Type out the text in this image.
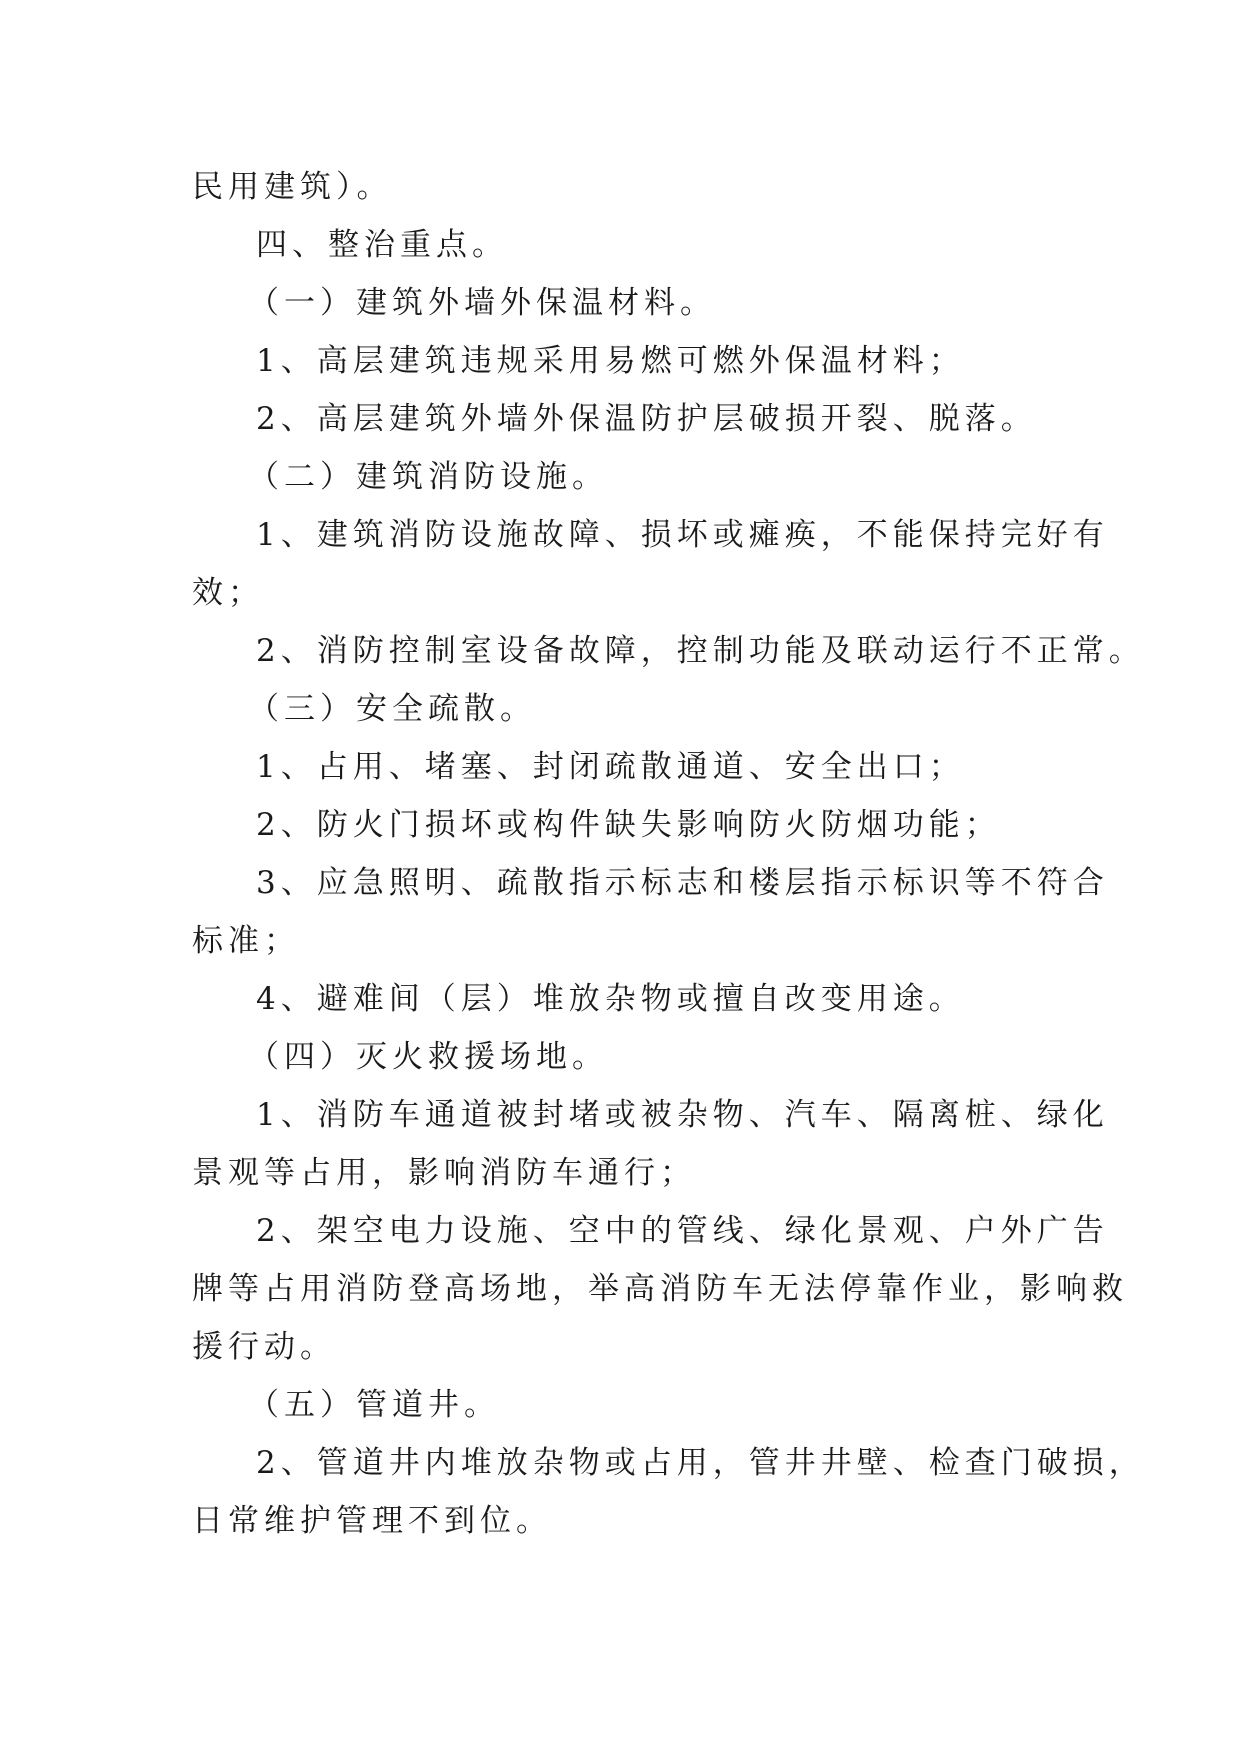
民用建筑）。
四、整治重点。
（一）建筑外墙外保温材料。
1、高层建筑违规采用易燃可燃外保温材料；
2、高层建筑外墙外保温防护层破损开裂、脱落。
（二）建筑消防设施。
1、建筑消防设施故障、损坏或瘫痪，不能保持完好有
效；
2、消防控制室设备故障，控制功能及联动运行不正常。
（三）安全疏散。
1、占用、堵塞、封闭疏散通道、安全出口；
2、防火门损坏或构件缺失影响防火防烟功能；
3、应急照明、疏散指示标志和楼层指示标识等不符合
标准；
4、避难间（层）堆放杂物或擅自改变用途。
（四）灭火救援场地。
1、消防车通道被封堵或被杂物、汽车、隔离桩、绿化
景观等占用，影响消防车通行；
2、架空电力设施、空中的管线、绿化景观、户外广告
牌等占用消防登高场地，举高消防车无法停靠作业，影响救
援行动。
（五）管道井。
2、管道井内堆放杂物或占用，管井井壁、检查门破损，
日常维护管理不到位。
